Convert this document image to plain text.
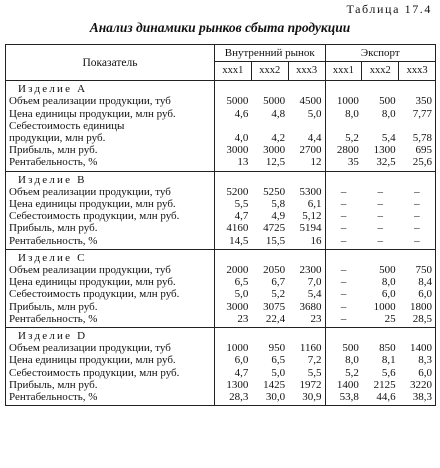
Таблица 17.4
Анализ динамики рынков сбыта продукции
Показатель	Внутренний рынок			Экспорт		
	xxx1	xxx2	xxx3	xxx1	xxx2	xxx3
Изделие А						
Объем реализации продукции, туб	5000	5000	4500	1000	500	350
Цена единицы продукции, млн руб.	4,6	4,8	5,0	8,0	8,0	7,77
Себестоимость единицы						
продукции, млн руб.	4,0	4,2	4,4	5,2	5,4	5,78
Прибыль, млн руб.	3000	3000	2700	2800	1300	695
Рентабельность, %	13	12,5	12	35	32,5	25,6
Изделие В						
Объем реализации продукции, туб	5200	5250	5300	–	–	–
Цена единицы продукции, млн руб.	5,5	5,8	6,1	–	–	–
Себестоимость продукции, млн руб.	4,7	4,9	5,12	–	–	–
Прибыль, млн руб.	4160	4725	5194	–	–	–
Рентабельность, %	14,5	15,5	16	–	–	–
Изделие С						
Объем реализации продукции, туб	2000	2050	2300	–	500	750
Цена единицы продукции, млн руб.	6,5	6,7	7,0	–	8,0	8,4
Себестоимость продукции, млн руб.	5,0	5,2	5,4	–	6,0	6,0
Прибыль, млн руб.	3000	3075	3680	–	1000	1800
Рентабельность, %	23	22,4	23	–	25	28,5
Изделие D						
Объем реализации продукции, туб	1000	950	1160	500	850	1400
Цена единицы продукции, млн руб.	6,0	6,5	7,2	8,0	8,1	8,3
Себестоимость продукции, млн руб.	4,7	5,0	5,5	5,2	5,6	6,0
Прибыль, млн руб.	1300	1425	1972	1400	2125	3220
Рентабельность, %	28,3	30,0	30,9	53,8	44,6	38,3
